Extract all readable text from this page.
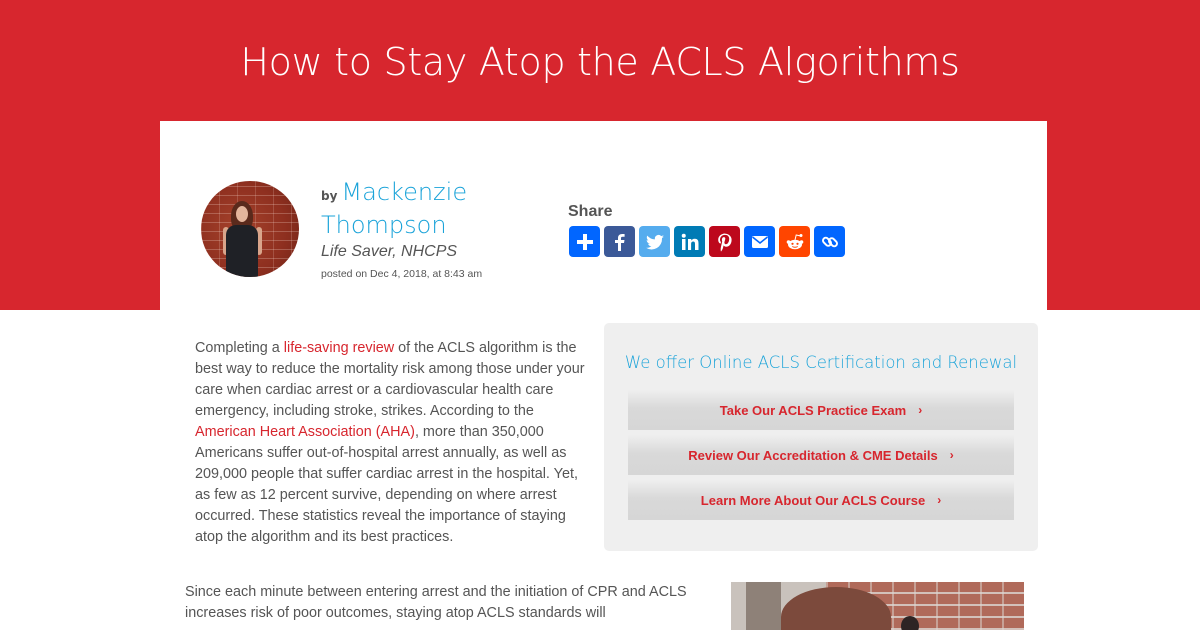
How to Stay Atop the ACLS Algorithms
by Mackenzie Thompson
Life Saver, NHCPS
posted on Dec 4, 2018, at 8:43 am
Share

Completing a life-saving review of the ACLS algorithm is the best way to reduce the mortality risk among those under your care when cardiac arrest or a cardiovascular health care emergency, including stroke, strikes. According to the American Heart Association (AHA), more than 350,000 Americans suffer out-of-hospital arrest annually, as well as 209,000 people that suffer cardiac arrest in the hospital. Yet, as few as 12 percent survive, depending on where arrest occurred. These statistics reveal the importance of staying atop the algorithm and its best practices.

We offer Online ACLS Certification and Renewal
Take Our ACLS Practice Exam ›
Review Our Accreditation & CME Details ›
Learn More About Our ACLS Course ›

Since each minute between entering arrest and the initiation of CPR and ACLS increases risk of poor outcomes, staying atop ACLS standards will
